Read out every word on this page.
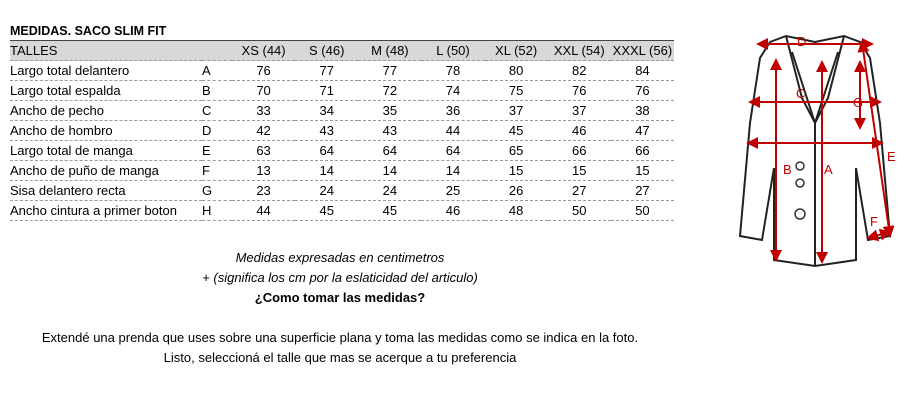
MEDIDAS. SACO SLIM FIT
TALLES		XS (44)	S (46)	M (48)	L (50)	XL (52)	XXL (54)	XXXL (56)
Largo total delantero	A	76	77	77	78	80	82	84
Largo total espalda	B	70	71	72	74	75	76	76
Ancho de pecho	C	33	34	35	36	37	37	38
Ancho de hombro	D	42	43	43	44	45	46	47
Largo total de manga	E	63	64	64	64	65	66	66
Ancho de puño de manga	F	13	14	14	14	15	15	15
Sisa delantero recta	G	23	24	24	25	26	27	27
Ancho cintura a primer boton	H	44	45	45	46	48	50	50
Medidas expresadas en centimetros
+ (significa los cm por la eslaticidad del articulo)
¿Como tomar las medidas?
Extendé una prenda que uses sobre una superficie plana y toma las medidas como se indica en la foto.
Listo, seleccioná el talle que mas se acerque a tu preferencia
D
C
G
B A
E
F
